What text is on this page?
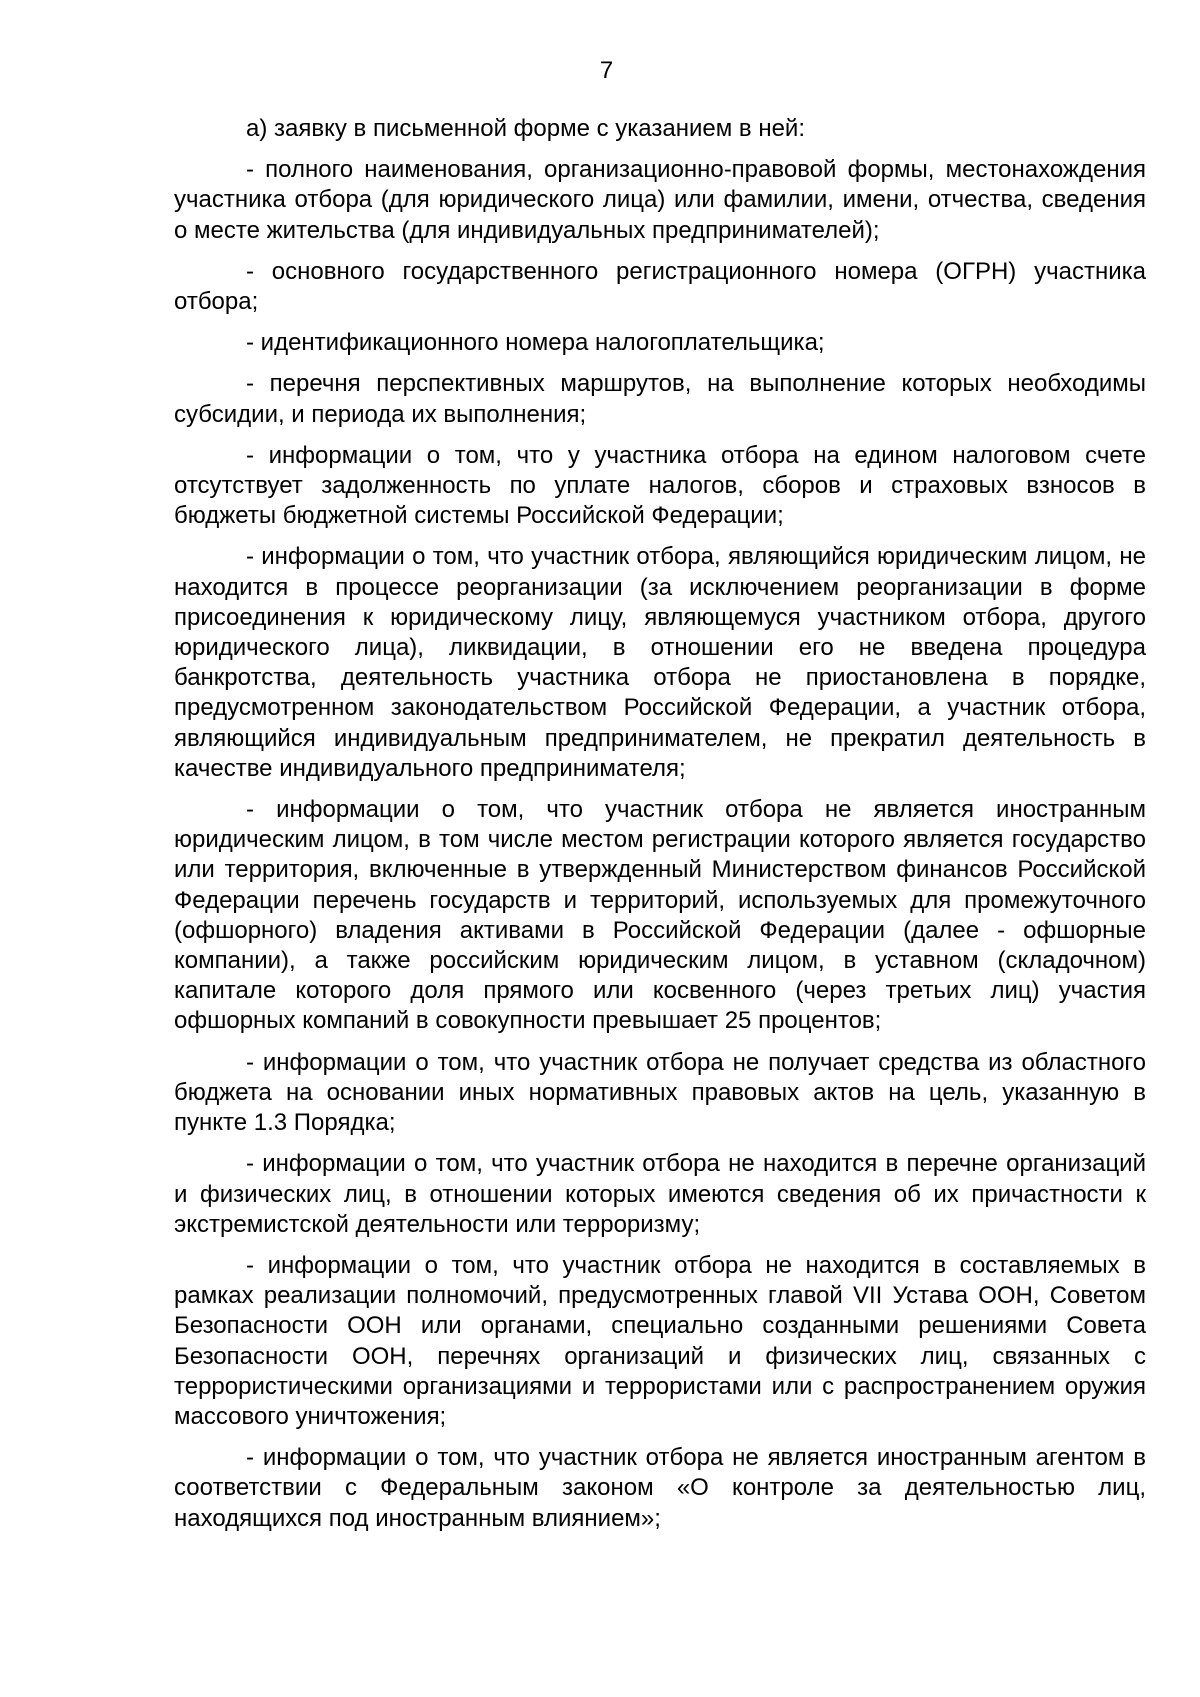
7

а) заявку в письменной форме с указанием в ней:

- полного наименования, организационно-правовой формы, местонахождения участника отбора (для юридического лица) или фамилии, имени, отчества, сведения о месте жительства (для индивидуальных предпринимателей);

- основного государственного регистрационного номера (ОГРН) участника отбора;

- идентификационного номера налогоплательщика;

- перечня перспективных маршрутов, на выполнение которых необходимы субсидии, и периода их выполнения;

- информации о том, что у участника отбора на едином налоговом счете отсутствует задолженность по уплате налогов, сборов и страховых взносов в бюджеты бюджетной системы Российской Федерации;

- информации о том, что участник отбора, являющийся юридическим лицом, не находится в процессе реорганизации (за исключением реорганизации в форме присоединения к юридическому лицу, являющемуся участником отбора, другого юридического лица), ликвидации, в отношении его не введена процедура банкротства, деятельность участника отбора не приостановлена в порядке, предусмотренном законодательством Российской Федерации, а участник отбора, являющийся индивидуальным предпринимателем, не прекратил деятельность в качестве индивидуального предпринимателя;

- информации о том, что участник отбора не является иностранным юридическим лицом, в том числе местом регистрации которого является государство или территория, включенные в утвержденный Министерством финансов Российской Федерации перечень государств и территорий, используемых для промежуточного (офшорного) владения активами в Российской Федерации (далее - офшорные компании), а также российским юридическим лицом, в уставном (складочном) капитале которого доля прямого или косвенного (через третьих лиц) участия офшорных компаний в совокупности превышает 25 процентов;

- информации о том, что участник отбора не получает средства из областного бюджета на основании иных нормативных правовых актов на цель, указанную в пункте 1.3 Порядка;

- информации о том, что участник отбора не находится в перечне организаций и физических лиц, в отношении которых имеются сведения об их причастности к экстремистской деятельности или терроризму;

- информации о том, что участник отбора не находится в составляемых в рамках реализации полномочий, предусмотренных главой VII Устава ООН, Советом Безопасности ООН или органами, специально созданными решениями Совета Безопасности ООН, перечнях организаций и физических лиц, связанных с террористическими организациями и террористами или с распространением оружия массового уничтожения;

- информации о том, что участник отбора не является иностранным агентом в соответствии с Федеральным законом «О контроле за деятельностью лиц, находящихся под иностранным влиянием»;
